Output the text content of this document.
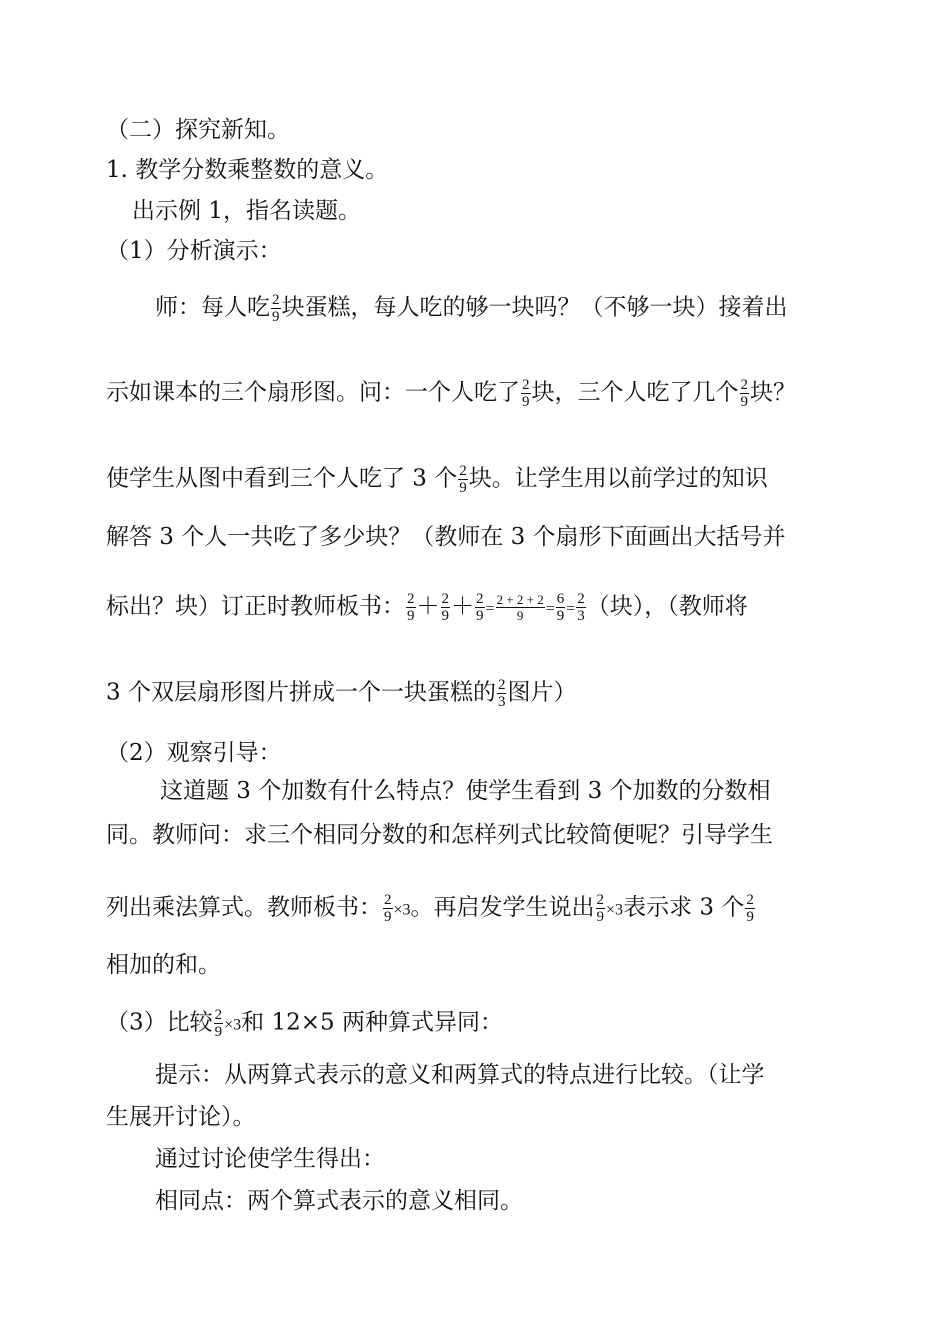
（二）探究新知。
1. 教学分数乘整数的意义。
出示例 1，指名读题。
（1）分析演示：
师：每人吃 $\frac{2}{9}$ 块蛋糕，每人吃的够一块吗？（不够一块）接着出
示如课本的三个扇形图。问：一个人吃了 $\frac{2}{9}$ 块，三个人吃了几个 $\frac{2}{9}$ 块？
使学生从图中看到三个人吃了 3 个 $\frac{2}{9}$ 块。让学生用以前学过的知识
解答 3 个人一共吃了多少块？（教师在 3 个扇形下面画出大括号并
标出？块）订正时教师板书： $\frac{2}{9} + \frac{2}{9} + \frac{2}{9} = \frac{2 + 2 + 2}{9} = \frac{6}{9} = \frac{2}{3}$ （块），（教师将
3 个双层扇形图片拼成一个一块蛋糕的 $\frac{2}{3}$ 图片）
（2）观察引导：
这道题 3 个加数有什么特点？使学生看到 3 个加数的分数相
同。教师问：求三个相同分数的和怎样列式比较简便呢？引导学生
列出乘法算式。教师板书： $\frac{2}{9} \times 3$。再启发学生说出 $\frac{2}{9} \times 3$表示求 3 个 $\frac{2}{9}$
相加的和。
（3）比较 $\frac{2}{9} \times 3$和 12×5 两种算式异同：
提示：从两算式表示的意义和两算式的特点进行比较。（让学
生展开讨论）。
通过讨论使学生得出：
相同点：两个算式表示的意义相同。
